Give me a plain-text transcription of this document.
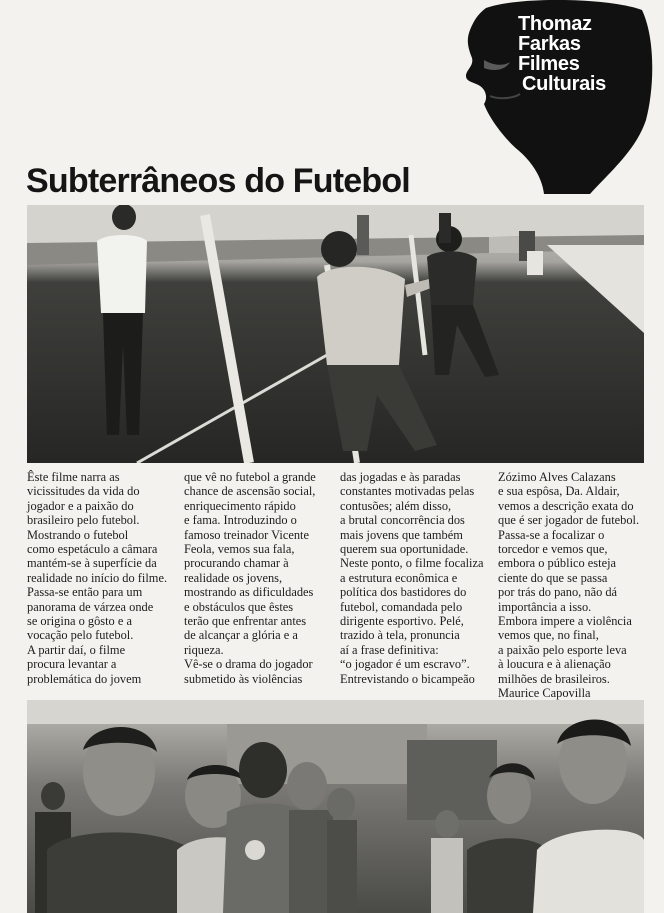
Thomaz
Farkas
Filmes
Culturais
Subterrâneos do Futebol

Êste filme narra as

vicissitudes da vida do

jogador e a paixão do

brasileiro pelo futebol.

Mostrando o futebol

como espetáculo a câmara

mantém-se à superfície da

realidade no início do filme.

Passa-se então para um

panorama de várzea onde

se origina o gôsto e a

vocação pelo futebol.

A partir daí, o filme

procura levantar a

problemática do jovem

que vê no futebol a grande

chance de ascensão social,

enriquecimento rápido

e fama. Introduzindo o

famoso treinador Vicente

Feola, vemos sua fala,

procurando chamar à

realidade os jovens,

mostrando as dificuldades

e obstáculos que êstes

terão que enfrentar antes

de alcançar a glória e a

riqueza.

Vê-se o drama do jogador

submetido às violências

das jogadas e às paradas

constantes motivadas pelas

contusões; além disso,

a brutal concorrência dos

mais jovens que também

querem sua oportunidade.

Neste ponto, o filme focaliza

a estrutura econômica e

política dos bastidores do

futebol, comandada pelo

dirigente esportivo. Pelé,

trazido à tela, pronuncia

aí a frase definitiva:

“o jogador é um escravo”.

Entrevistando o bicampeão

Zózimo Alves Calazans

e sua espôsa, Da. Aldair,

vemos a descrição exata do

que é ser jogador de futebol.

Passa-se a focalizar o

torcedor e vemos que,

embora o público esteja

ciente do que se passa

por trás do pano, não dá

importância a isso.

Embora impere a violência

vemos que, no final,

a paixão pelo esporte leva

à loucura e à alienação

milhões de brasileiros.

Maurice Capovilla
